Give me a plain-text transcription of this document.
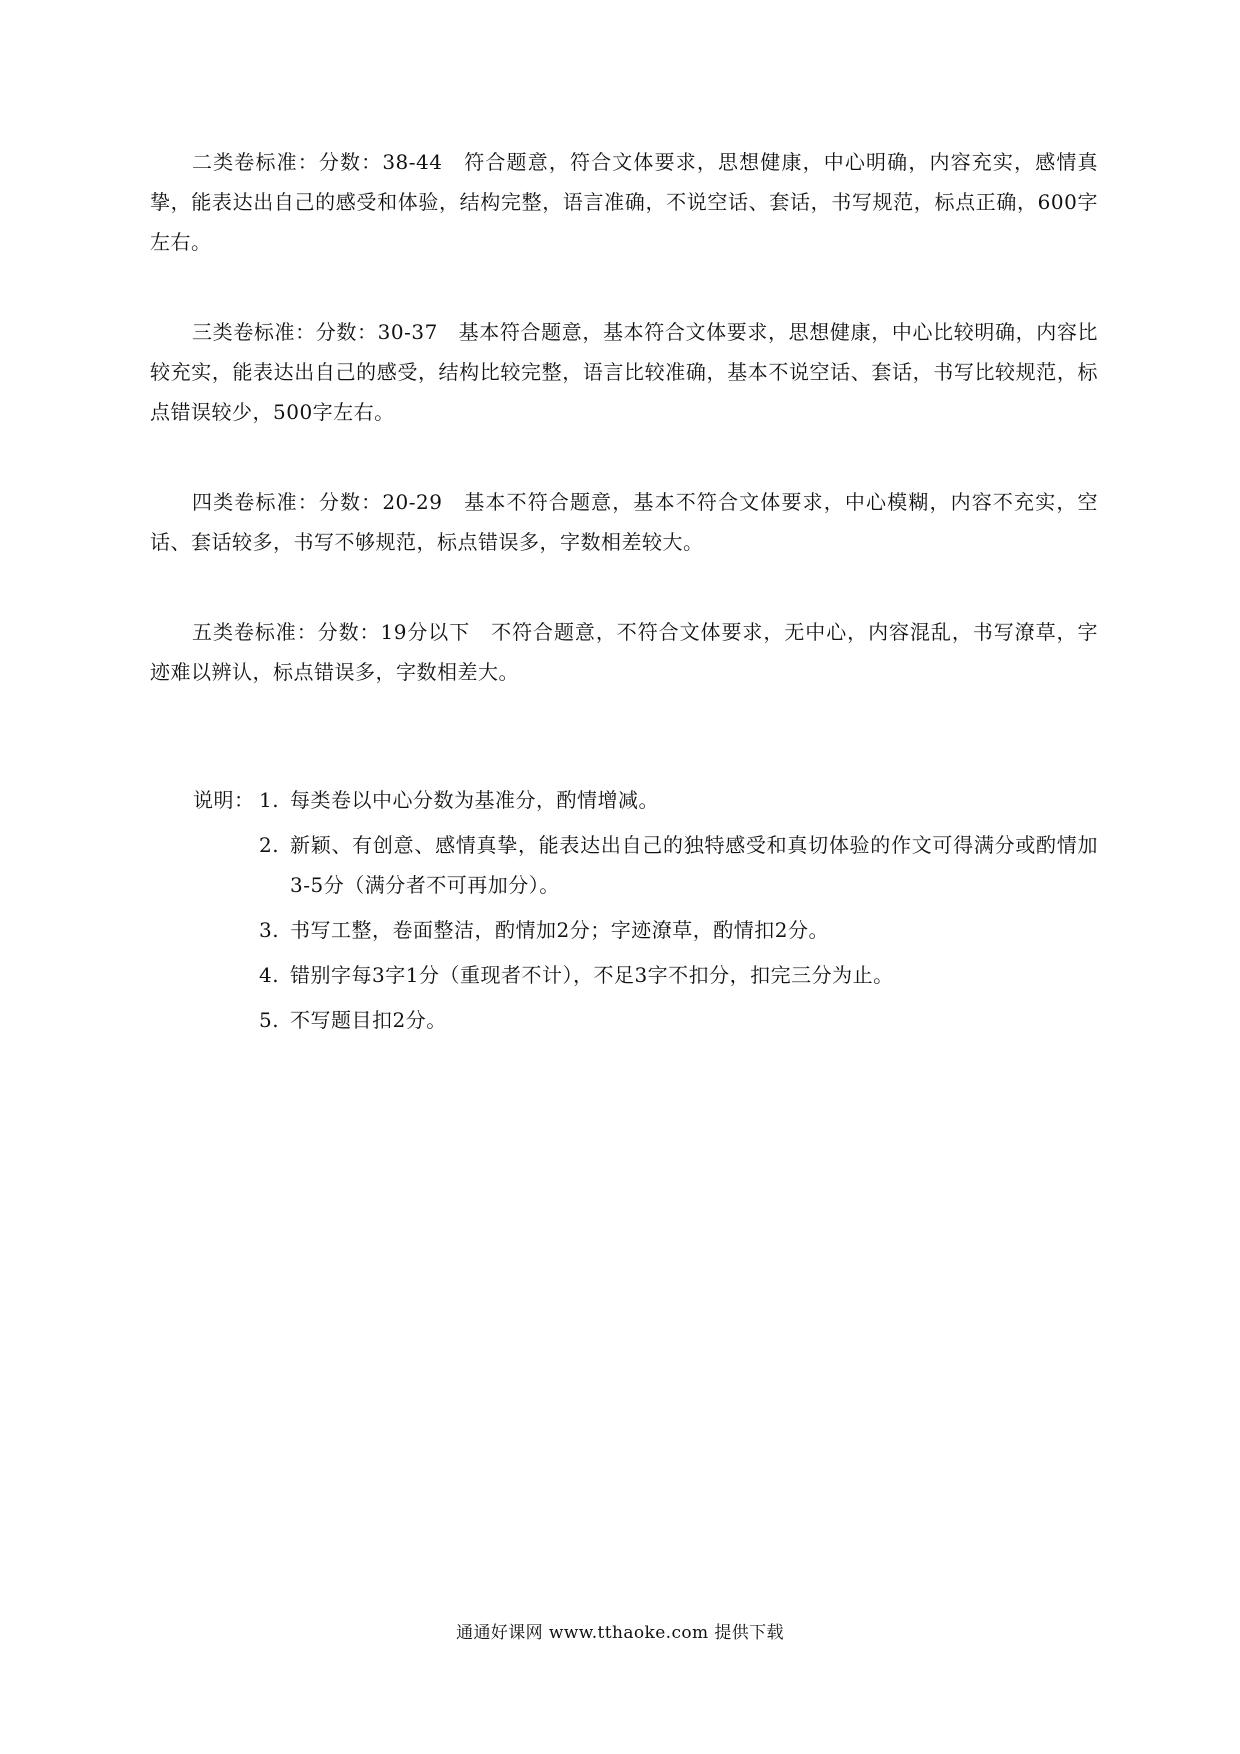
二类卷标准：分数：38-44　符合题意，符合文体要求，思想健康，中心明确，内容充实，感情真挚，能表达出自己的感受和体验，结构完整，语言准确，不说空话、套话，书写规范，标点正确，600字左右。

三类卷标准：分数：30-37　基本符合题意，基本符合文体要求，思想健康，中心比较明确，内容比较充实，能表达出自己的感受，结构比较完整，语言比较准确，基本不说空话、套话，书写比较规范，标点错误较少，500字左右。

四类卷标准：分数：20-29　基本不符合题意，基本不符合文体要求，中心模糊，内容不充实，空话、套话较多，书写不够规范，标点错误多，字数相差较大。

五类卷标准：分数：19分以下　不符合题意，不符合文体要求，无中心，内容混乱，书写潦草，字迹难以辨认，标点错误多，字数相差大。

说明： 1. 每类卷以中心分数为基准分，酌情增减。
2. 新颖、有创意、感情真挚，能表达出自己的独特感受和真切体验的作文可得满分或酌情加3-5分（满分者不可再加分）。
3. 书写工整，卷面整洁，酌情加2分；字迹潦草，酌情扣2分。
4. 错别字每3字1分（重现者不计），不足3字不扣分，扣完三分为止。
5. 不写题目扣2分。
通通好课网 www.tthaoke.com 提供下载
